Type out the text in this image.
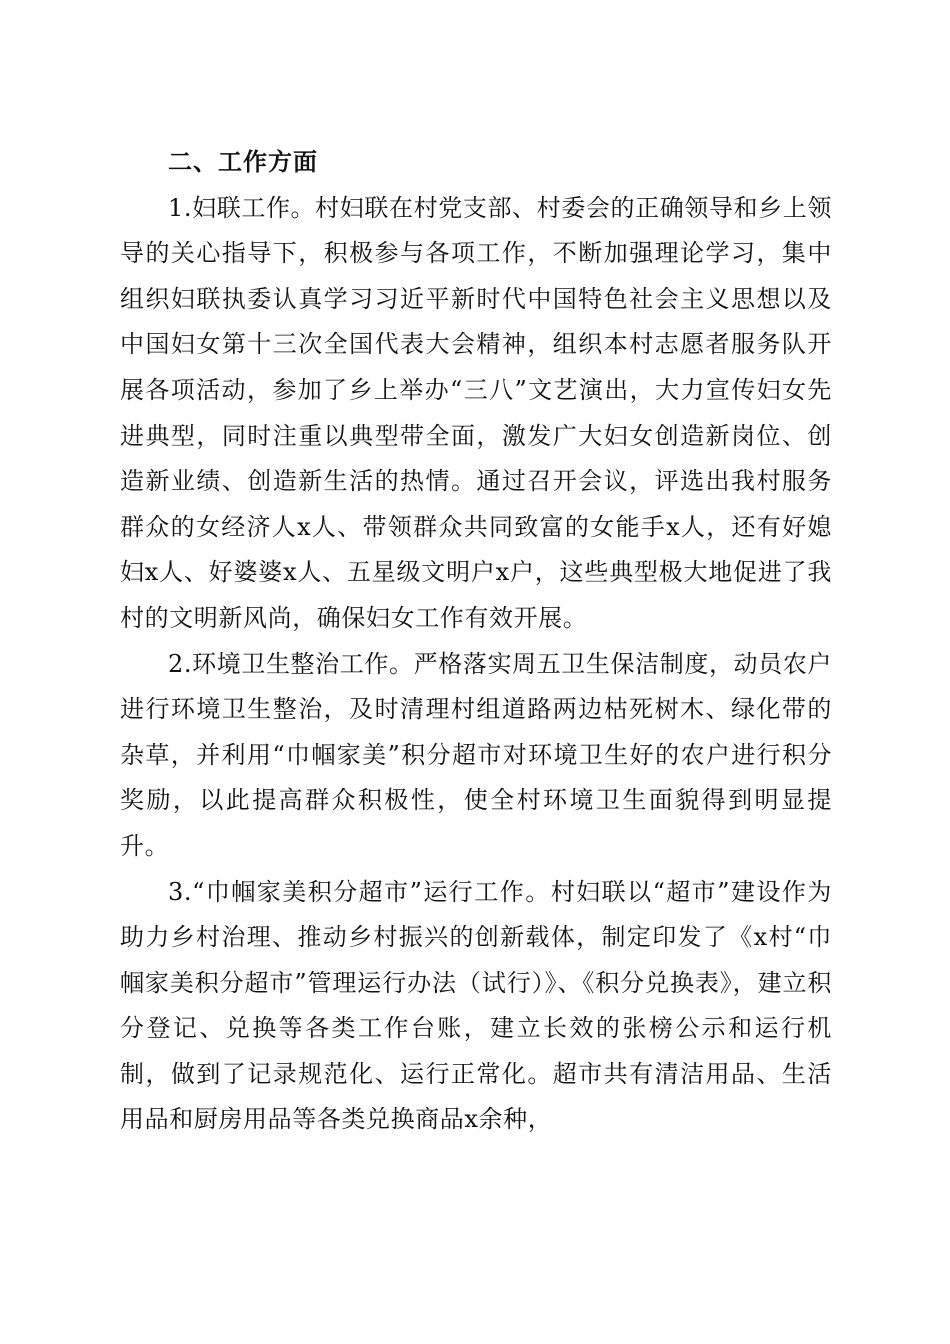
二、工作方面

1.妇联工作。村妇联在村党支部、村委会的正确领导和乡上领导的关心指导下，积极参与各项工作，不断加强理论学习，集中组织妇联执委认真学习习近平新时代中国特色社会主义思想以及中国妇女第十三次全国代表大会精神，组织本村志愿者服务队开展各项活动，参加了乡上举办“三八”文艺演出，大力宣传妇女先进典型，同时注重以典型带全面，激发广大妇女创造新岗位、创造新业绩、创造新生活的热情。通过召开会议，评选出我村服务群众的女经济人x人、带领群众共同致富的女能手x人，还有好媳妇x人、好婆婆x人、五星级文明户x户，这些典型极大地促进了我村的文明新风尚，确保妇女工作有效开展。

2.环境卫生整治工作。严格落实周五卫生保洁制度，动员农户进行环境卫生整治，及时清理村组道路两边枯死树木、绿化带的杂草，并利用“巾帼家美”积分超市对环境卫生好的农户进行积分奖励，以此提高群众积极性，使全村环境卫生面貌得到明显提升。

3.“巾帼家美积分超市”运行工作。村妇联以“超市”建设作为助力乡村治理、推动乡村振兴的创新载体，制定印发了《x村“巾帼家美积分超市”管理运行办法（试行）》、《积分兑换表》，建立积分登记、兑换等各类工作台账，建立长效的张榜公示和运行机制，做到了记录规范化、运行正常化。超市共有清洁用品、生活用品和厨房用品等各类兑换商品x余种，
